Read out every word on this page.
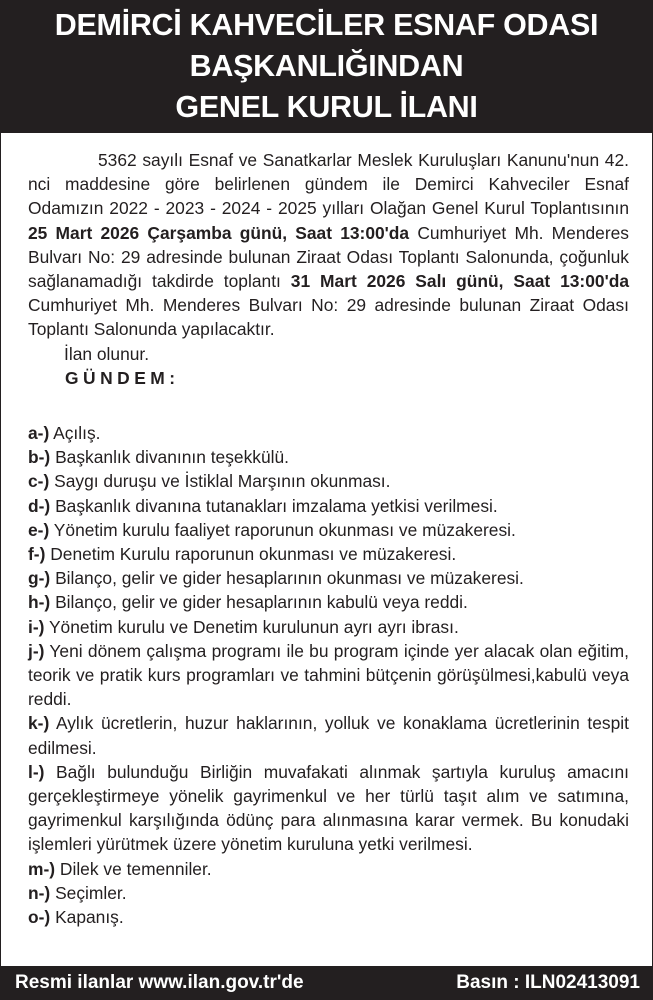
DEMİRCİ KAHVECİLER ESNAF ODASI
BAŞKANLIĞINDAN
GENEL KURUL İLANI

5362 sayılı Esnaf ve Sanatkarlar Meslek Kuruluşları Kanunu'nun 42. nci maddesine göre belirlenen gündem ile Demirci Kahveciler Esnaf Odamızın 2022 - 2023 - 2024 - 2025 yılları Olağan Genel Kurul Toplantısının 25 Mart 2026 Çarşamba günü, Saat 13:00'da Cumhuriyet Mh. Menderes Bulvarı No: 29 adresinde bulunan Ziraat Odası Toplantı Salonunda, çoğunluk sağlanamadığı takdirde toplantı 31 Mart 2026 Salı günü, Saat 13:00'da Cumhuriyet Mh. Menderes Bulvarı No: 29 adresinde bulunan Ziraat Odası Toplantı Salonunda yapılacaktır.

İlan olunur.

GÜNDEM:

a-) Açılış.
b-) Başkanlık divanının teşekkülü.
c-) Saygı duruşu ve İstiklal Marşının okunması.
d-) Başkanlık divanına tutanakları imzalama yetkisi verilmesi.
e-) Yönetim kurulu faaliyet raporunun okunması ve müzakeresi.
f-) Denetim Kurulu raporunun okunması ve müzakeresi.
g-) Bilanço, gelir ve gider hesaplarının okunması ve müzakeresi.
h-) Bilanço, gelir ve gider hesaplarının kabulü veya reddi.
i-) Yönetim kurulu ve Denetim kurulunun ayrı ayrı ibrası.
j-) Yeni dönem çalışma programı ile bu program içinde yer alacak olan eğitim, teorik ve pratik kurs programları ve tahmini bütçenin görüşülmesi,kabulü veya reddi.
k-) Aylık ücretlerin, huzur haklarının, yolluk ve konaklama ücretlerinin tespit edilmesi.
l-) Bağlı bulunduğu Birliğin muvafakati alınmak şartıyla kuruluş amacını gerçekleştirmeye yönelik gayrimenkul ve her türlü taşıt alım ve satımına, gayrimenkul karşılığında ödünç para alınmasına karar vermek. Bu konudaki işlemleri yürütmek üzere yönetim kuruluna yetki verilmesi.
m-) Dilek ve temenniler.
n-) Seçimler.
o-) Kapanış.
Resmi ilanlar www.ilan.gov.tr'de	Basın : ILN02413091
